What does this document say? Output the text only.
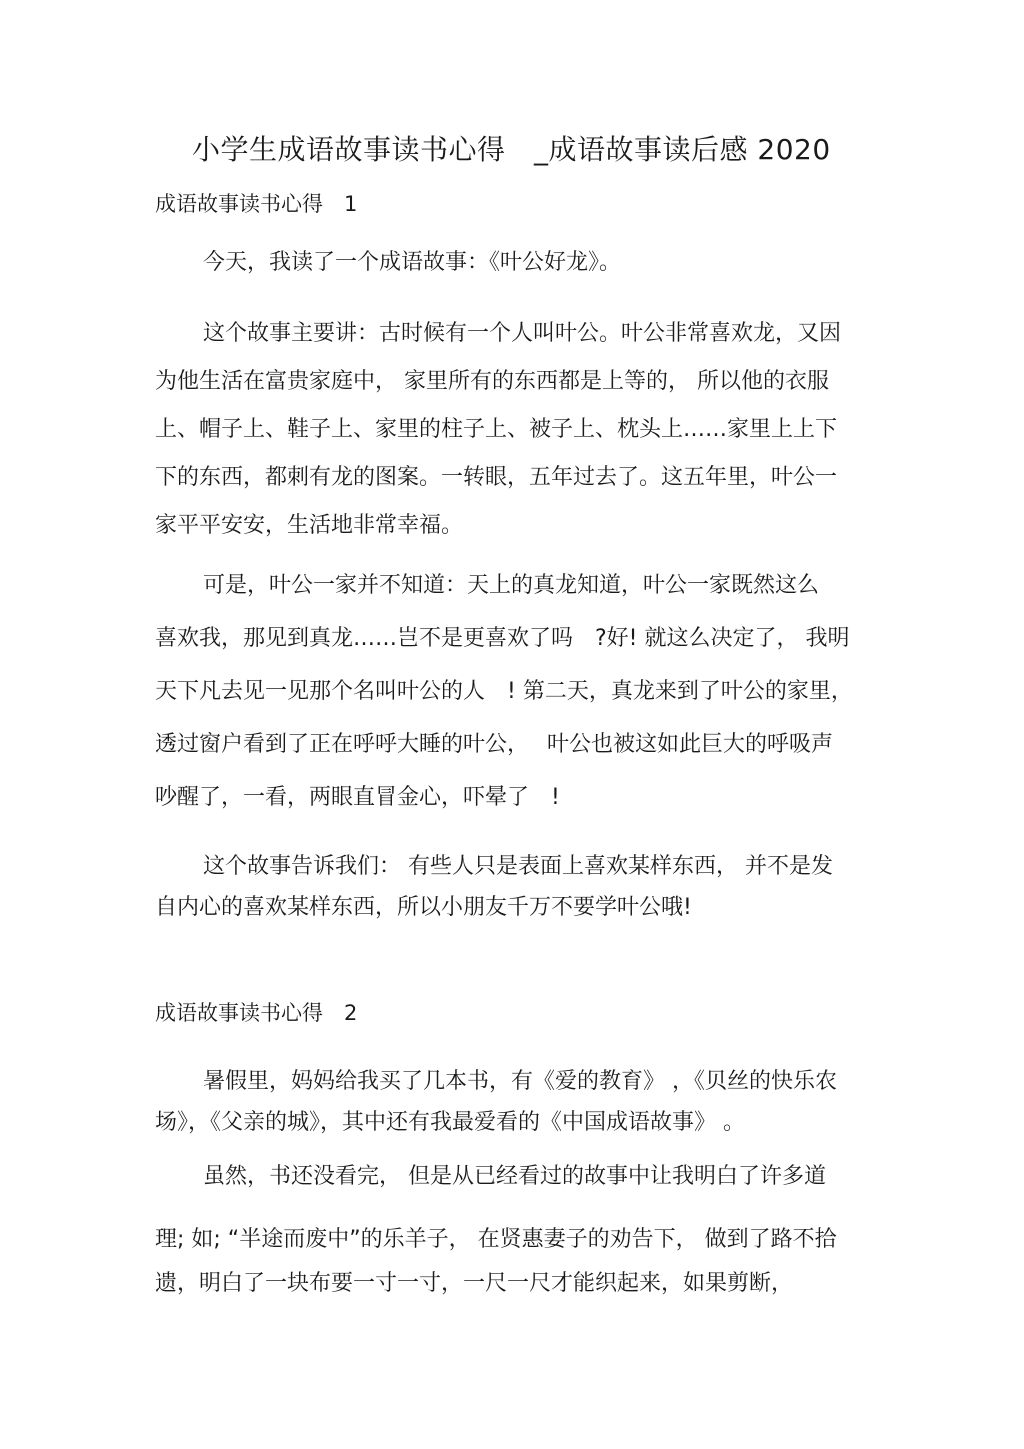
小学生成语故事读书心得　_成语故事读后感 2020
成语故事读书心得　1
今天，我读了一个成语故事：《叶公好龙》。
这个故事主要讲：古时候有一个人叫叶公。叶公非常喜欢龙，又因
为他生活在富贵家庭中， 家里所有的东西都是上等的， 所以他的衣服
上、帽子上、鞋子上、家里的柱子上、被子上、枕头上……家里上上下
下的东西，都刺有龙的图案。一转眼，五年过去了。这五年里，叶公一
家平平安安，生活地非常幸福。
可是，叶公一家并不知道：天上的真龙知道，叶公一家既然这么
喜欢我，那见到真龙……岂不是更喜欢了吗　?好! 就这么决定了， 我明
天下凡去见一见那个名叫叶公的人　! 第二天，真龙来到了叶公的家里，
透过窗户看到了正在呼呼大睡的叶公，　 叶公也被这如此巨大的呼吸声
吵醒了，一看，两眼直冒金心，吓晕了　!
这个故事告诉我们： 有些人只是表面上喜欢某样东西， 并不是发
自内心的喜欢某样东西，所以小朋友千万不要学叶公哦!
成语故事读书心得　2
暑假里，妈妈给我买了几本书，有《爱的教育》 ，《贝丝的快乐农
场》，《父亲的城》，其中还有我最爱看的《中国成语故事》 。
虽然，书还没看完， 但是从已经看过的故事中让我明白了许多道
理; 如; “半途而废中”的乐羊子， 在贤惠妻子的劝告下， 做到了路不拾
遗，明白了一块布要一寸一寸，一尺一尺才能织起来，如果剪断，
